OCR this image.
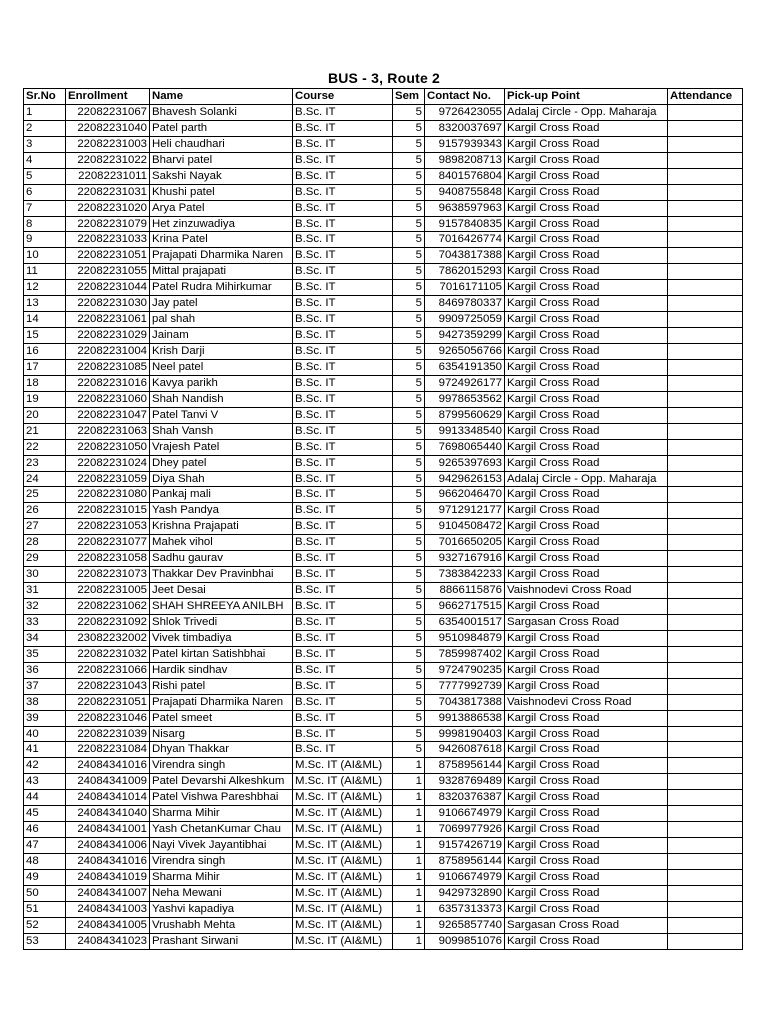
BUS - 3, Route 2
Sr.No	Enrollment	Name	Course	Sem	Contact No.	Pick-up Point	Attendance
1	22082231067	Bhavesh Solanki	B.Sc. IT	5	9726423055	Adalaj Circle - Opp. Maharaja	
2	22082231040	Patel parth	B.Sc. IT	5	8320037697	Kargil Cross Road	
3	22082231003	Heli chaudhari	B.Sc. IT	5	9157939343	Kargil Cross Road	
4	22082231022	Bharvi patel	B.Sc. IT	5	9898208713	Kargil Cross Road	
5	22082231011	Sakshi Nayak	B.Sc. IT	5	8401576804	Kargil Cross Road	
6	22082231031	Khushi patel	B.Sc. IT	5	9408755848	Kargil Cross Road	
7	22082231020	Arya Patel	B.Sc. IT	5	9638597963	Kargil Cross Road	
8	22082231079	Het zinzuwadiya	B.Sc. IT	5	9157840835	Kargil Cross Road	
9	22082231033	Krina Patel	B.Sc. IT	5	7016426774	Kargil Cross Road	
10	22082231051	Prajapati Dharmika Naren	B.Sc. IT	5	7043817388	Kargil Cross Road	
11	22082231055	Mittal prajapati	B.Sc. IT	5	7862015293	Kargil Cross Road	
12	22082231044	Patel Rudra Mihirkumar	B.Sc. IT	5	7016171105	Kargil Cross Road	
13	22082231030	Jay patel	B.Sc. IT	5	8469780337	Kargil Cross Road	
14	22082231061	pal shah	B.Sc. IT	5	9909725059	Kargil Cross Road	
15	22082231029	Jainam	B.Sc. IT	5	9427359299	Kargil Cross Road	
16	22082231004	Krish Darji	B.Sc. IT	5	9265056766	Kargil Cross Road	
17	22082231085	Neel patel	B.Sc. IT	5	6354191350	Kargil Cross Road	
18	22082231016	Kavya parikh	B.Sc. IT	5	9724926177	Kargil Cross Road	
19	22082231060	Shah Nandish	B.Sc. IT	5	9978653562	Kargil Cross Road	
20	22082231047	Patel Tanvi V	B.Sc. IT	5	8799560629	Kargil Cross Road	
21	22082231063	Shah Vansh	B.Sc. IT	5	9913348540	Kargil Cross Road	
22	22082231050	Vrajesh Patel	B.Sc. IT	5	7698065440	Kargil Cross Road	
23	22082231024	Dhey patel	B.Sc. IT	5	9265397693	Kargil Cross Road	
24	22082231059	Diya Shah	B.Sc. IT	5	9429626153	Adalaj Circle - Opp. Maharaja	
25	22082231080	Pankaj mali	B.Sc. IT	5	9662046470	Kargil Cross Road	
26	22082231015	Yash Pandya	B.Sc. IT	5	9712912177	Kargil Cross Road	
27	22082231053	Krishna Prajapati	B.Sc. IT	5	9104508472	Kargil Cross Road	
28	22082231077	Mahek vihol	B.Sc. IT	5	7016650205	Kargil Cross Road	
29	22082231058	Sadhu gaurav	B.Sc. IT	5	9327167916	Kargil Cross Road	
30	22082231073	Thakkar Dev Pravinbhai	B.Sc. IT	5	7383842233	Kargil Cross Road	
31	22082231005	Jeet Desai	B.Sc. IT	5	8866115876	Vaishnodevi Cross Road	
32	22082231062	SHAH SHREEYA ANILBH	B.Sc. IT	5	9662717515	Kargil Cross Road	
33	22082231092	Shlok Trivedi	B.Sc. IT	5	6354001517	Sargasan Cross Road	
34	23082232002	Vivek timbadiya	B.Sc. IT	5	9510984879	Kargil Cross Road	
35	22082231032	Patel kirtan Satishbhai	B.Sc. IT	5	7859987402	Kargil Cross Road	
36	22082231066	Hardik sindhav	B.Sc. IT	5	9724790235	Kargil Cross Road	
37	22082231043	Rishi patel	B.Sc. IT	5	7777992739	Kargil Cross Road	
38	22082231051	Prajapati Dharmika Naren	B.Sc. IT	5	7043817388	Vaishnodevi Cross Road	
39	22082231046	Patel smeet	B.Sc. IT	5	9913886538	Kargil Cross Road	
40	22082231039	Nisarg	B.Sc. IT	5	9998190403	Kargil Cross Road	
41	22082231084	Dhyan Thakkar	B.Sc. IT	5	9426087618	Kargil Cross Road	
42	24084341016	Virendra singh	M.Sc. IT (AI&ML)	1	8758956144	Kargil Cross Road	
43	24084341009	Patel Devarshi Alkeshkum	M.Sc. IT (AI&ML)	1	9328769489	Kargil Cross Road	
44	24084341014	Patel Vishwa Pareshbhai	M.Sc. IT (AI&ML)	1	8320376387	Kargil Cross Road	
45	24084341040	Sharma Mihir	M.Sc. IT (AI&ML)	1	9106674979	Kargil Cross Road	
46	24084341001	Yash ChetanKumar Chau	M.Sc. IT (AI&ML)	1	7069977926	Kargil Cross Road	
47	24084341006	Nayi Vivek Jayantibhai	M.Sc. IT (AI&ML)	1	9157426719	Kargil Cross Road	
48	24084341016	Virendra singh	M.Sc. IT (AI&ML)	1	8758956144	Kargil Cross Road	
49	24084341019	Sharma Mihir	M.Sc. IT (AI&ML)	1	9106674979	Kargil Cross Road	
50	24084341007	Neha Mewani	M.Sc. IT (AI&ML)	1	9429732890	Kargil Cross Road	
51	24084341003	Yashvi kapadiya	M.Sc. IT (AI&ML)	1	6357313373	Kargil Cross Road	
52	24084341005	Vrushabh Mehta	M.Sc. IT (AI&ML)	1	9265857740	Sargasan Cross Road	
53	24084341023	Prashant Sirwani	M.Sc. IT (AI&ML)	1	9099851076	Kargil Cross Road	
